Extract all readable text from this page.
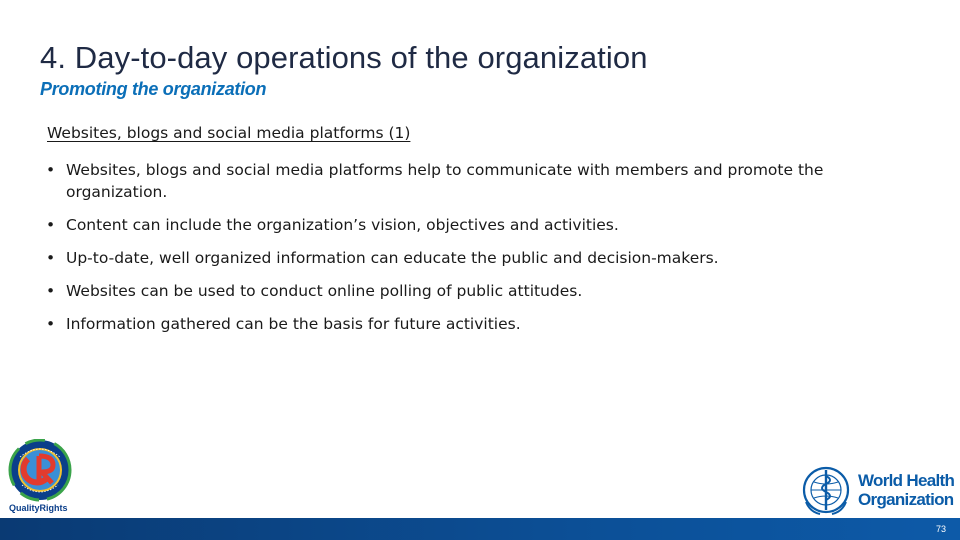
4. Day-to-day operations of the organization
Promoting the organization

Websites, blogs and social media platforms (1)

• Websites, blogs and social media platforms help to communicate with members and promote the organization.
• Content can include the organization’s vision, objectives and activities.
• Up-to-date, well organized information can educate the public and decision-makers.
• Websites can be used to conduct online polling of public attitudes.
• Information gathered can be the basis for future activities.
QualityRights
World Health
Organization
73
